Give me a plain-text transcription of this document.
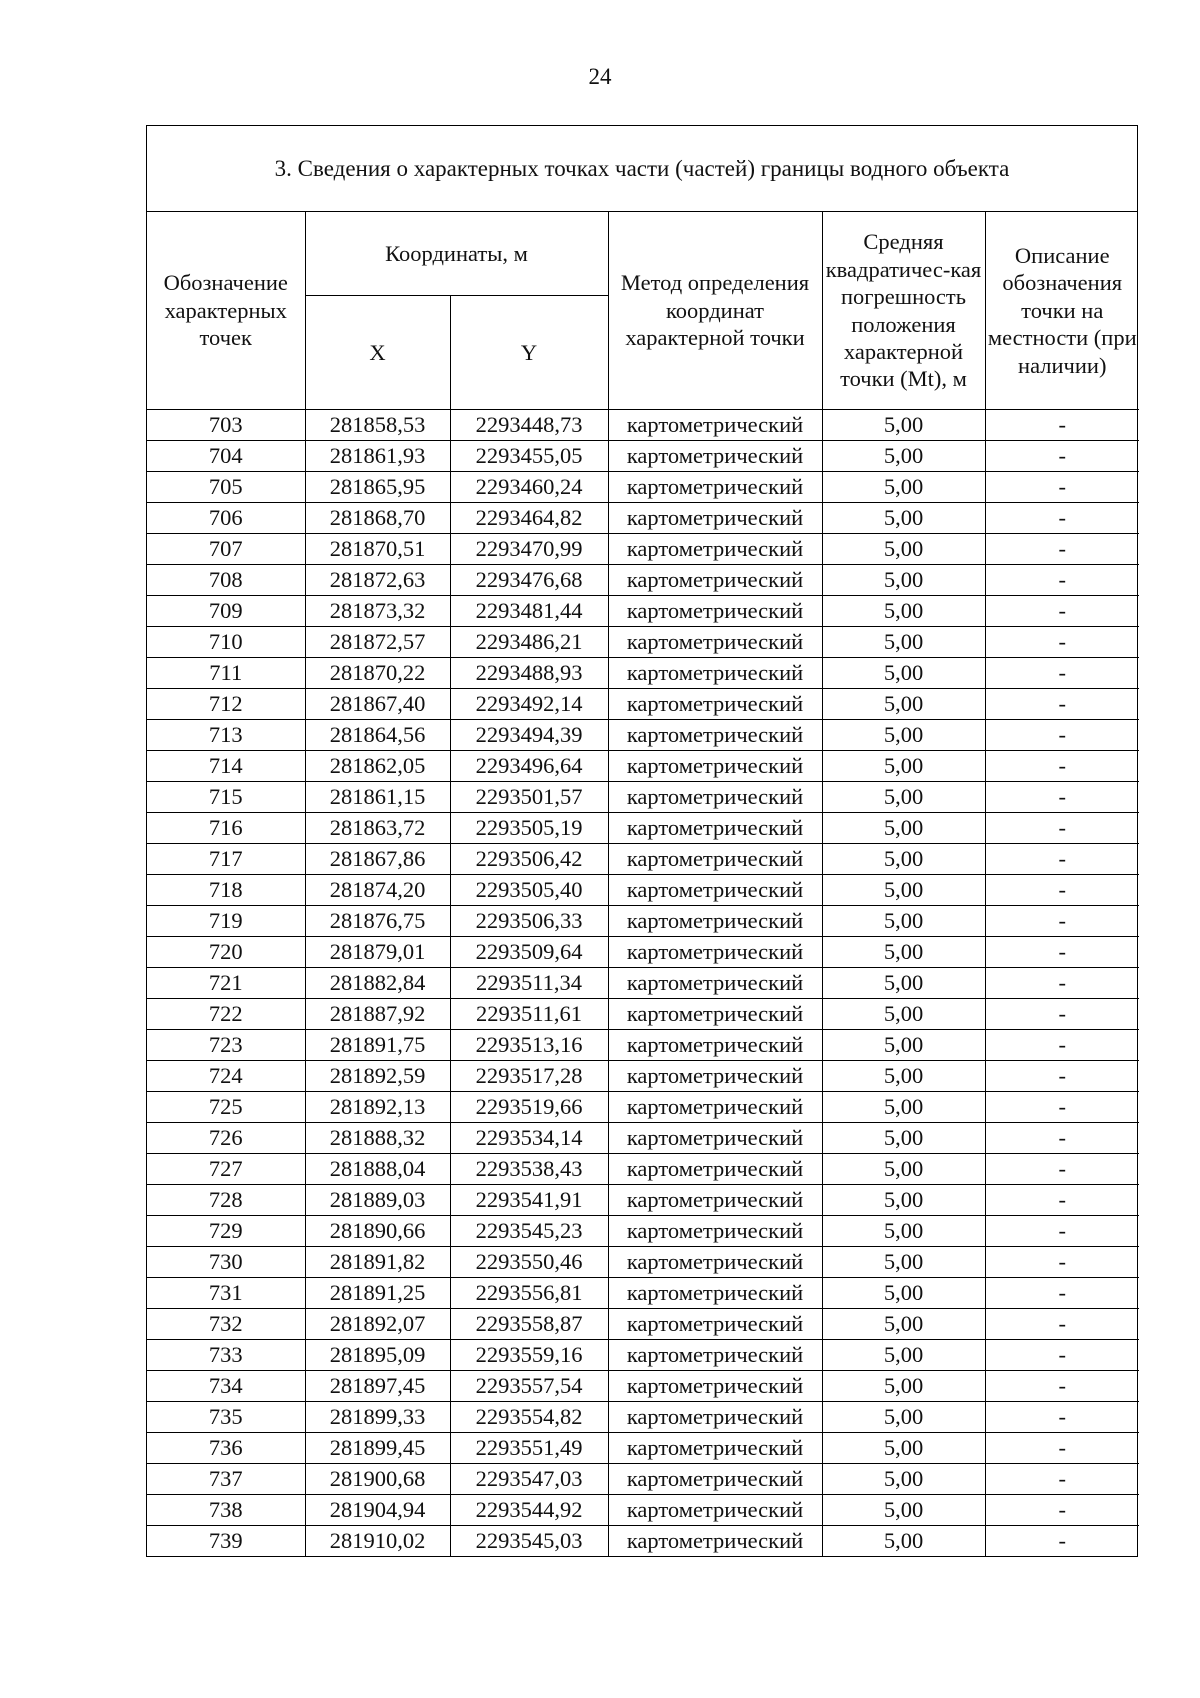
24
3. Сведения о характерных точках части (частей) границы водного объекта
Обозначение характерных точек	Координаты, м		Метод определения координат характерной точки	Средняя квадратичес-кая погрешность положения характерной точки (Mt), м	Описание обозначения точки на местности (при наличии)
	X	Y			
703	281858,53	2293448,73	картометрический	5,00	-
704	281861,93	2293455,05	картометрический	5,00	-
705	281865,95	2293460,24	картометрический	5,00	-
706	281868,70	2293464,82	картометрический	5,00	-
707	281870,51	2293470,99	картометрический	5,00	-
708	281872,63	2293476,68	картометрический	5,00	-
709	281873,32	2293481,44	картометрический	5,00	-
710	281872,57	2293486,21	картометрический	5,00	-
711	281870,22	2293488,93	картометрический	5,00	-
712	281867,40	2293492,14	картометрический	5,00	-
713	281864,56	2293494,39	картометрический	5,00	-
714	281862,05	2293496,64	картометрический	5,00	-
715	281861,15	2293501,57	картометрический	5,00	-
716	281863,72	2293505,19	картометрический	5,00	-
717	281867,86	2293506,42	картометрический	5,00	-
718	281874,20	2293505,40	картометрический	5,00	-
719	281876,75	2293506,33	картометрический	5,00	-
720	281879,01	2293509,64	картометрический	5,00	-
721	281882,84	2293511,34	картометрический	5,00	-
722	281887,92	2293511,61	картометрический	5,00	-
723	281891,75	2293513,16	картометрический	5,00	-
724	281892,59	2293517,28	картометрический	5,00	-
725	281892,13	2293519,66	картометрический	5,00	-
726	281888,32	2293534,14	картометрический	5,00	-
727	281888,04	2293538,43	картометрический	5,00	-
728	281889,03	2293541,91	картометрический	5,00	-
729	281890,66	2293545,23	картометрический	5,00	-
730	281891,82	2293550,46	картометрический	5,00	-
731	281891,25	2293556,81	картометрический	5,00	-
732	281892,07	2293558,87	картометрический	5,00	-
733	281895,09	2293559,16	картометрический	5,00	-
734	281897,45	2293557,54	картометрический	5,00	-
735	281899,33	2293554,82	картометрический	5,00	-
736	281899,45	2293551,49	картометрический	5,00	-
737	281900,68	2293547,03	картометрический	5,00	-
738	281904,94	2293544,92	картометрический	5,00	-
739	281910,02	2293545,03	картометрический	5,00	-
